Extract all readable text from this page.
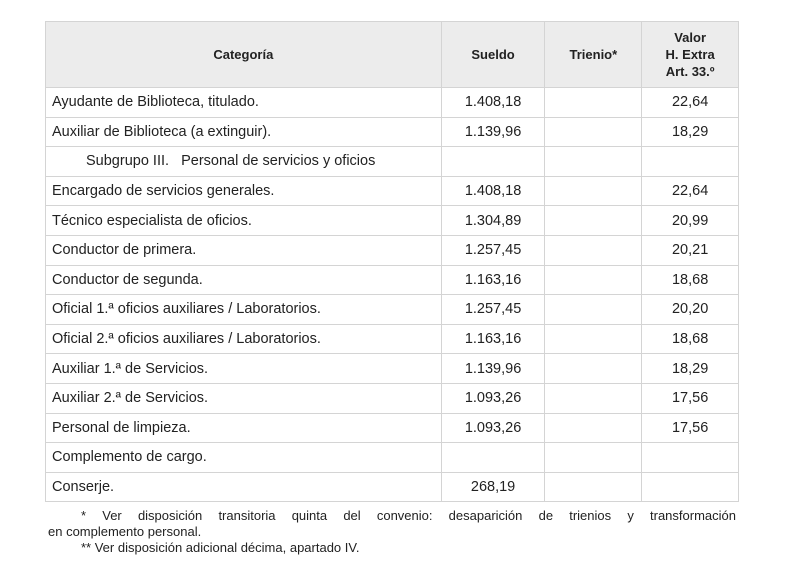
Categoría	Sueldo	Trienio*	Valor
H. Extra
Art. 33.º
Ayudante de Biblioteca, titulado.	1.408,18		22,64
Auxiliar de Biblioteca (a extinguir).	1.139,96		18,29
Subgrupo III.   Personal de servicios y oficios			
Encargado de servicios generales.	1.408,18		22,64
Técnico especialista de oficios.	1.304,89		20,99
Conductor de primera.	1.257,45		20,21
Conductor de segunda.	1.163,16		18,68
Oficial 1.ª oficios auxiliares / Laboratorios.	1.257,45		20,20
Oficial 2.ª oficios auxiliares / Laboratorios.	1.163,16		18,68
Auxiliar 1.ª de Servicios.	1.139,96		18,29
Auxiliar 2.ª de Servicios.	1.093,26		17,56
Personal de limpieza.	1.093,26		17,56
Complemento de cargo.			
Conserje.	268,19		

* Ver disposición transitoria quinta del convenio: desaparición de trienios y transformación

en complemento personal.

** Ver disposición adicional décima, apartado IV.
